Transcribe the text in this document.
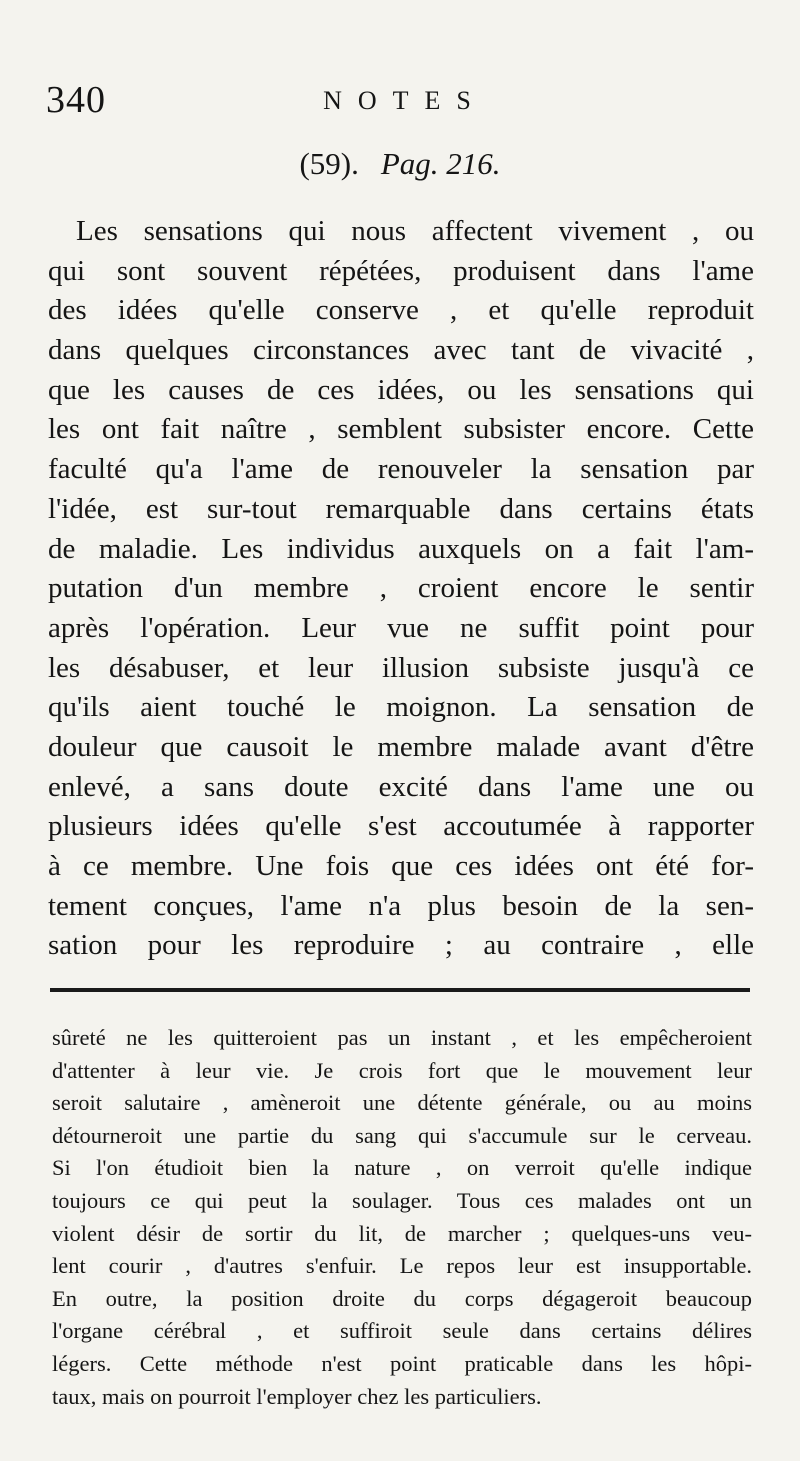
340	NOTES
(59). Pag. 216.
Les sensations qui nous affectent vivement , ou
qui sont souvent répétées, produisent dans l'ame
des idées qu'elle conserve , et qu'elle reproduit
dans quelques circonstances avec tant de vivacité ,
que les causes de ces idées, ou les sensations qui
les ont fait naître , semblent subsister encore. Cette
faculté qu'a l'ame de renouveler la sensation par
l'idée, est sur-tout remarquable dans certains états
de maladie. Les individus auxquels on a fait l'am-
putation d'un membre , croient encore le sentir
après l'opération. Leur vue ne suffit point pour
les désabuser, et leur illusion subsiste jusqu'à ce
qu'ils aient touché le moignon. La sensation de
douleur que causoit le membre malade avant d'être
enlevé, a sans doute excité dans l'ame une ou
plusieurs idées qu'elle s'est accoutumée à rapporter
à ce membre. Une fois que ces idées ont été for-
tement conçues, l'ame n'a plus besoin de la sen-
sation pour les reproduire ; au contraire , elle
sûreté ne les quitteroient pas un instant , et les empêcheroient
d'attenter à leur vie. Je crois fort que le mouvement leur
seroit salutaire , amèneroit une détente générale, ou au moins
détourneroit une partie du sang qui s'accumule sur le cerveau.
Si l'on étudioit bien la nature , on verroit qu'elle indique
toujours ce qui peut la soulager. Tous ces malades ont un
violent désir de sortir du lit, de marcher ; quelques-uns veu-
lent courir , d'autres s'enfuir. Le repos leur est insupportable.
En outre, la position droite du corps dégageroit beaucoup
l'organe cérébral , et suffiroit seule dans certains délires
légers. Cette méthode n'est point praticable dans les hôpi-
taux, mais on pourroit l'employer chez les particuliers.
